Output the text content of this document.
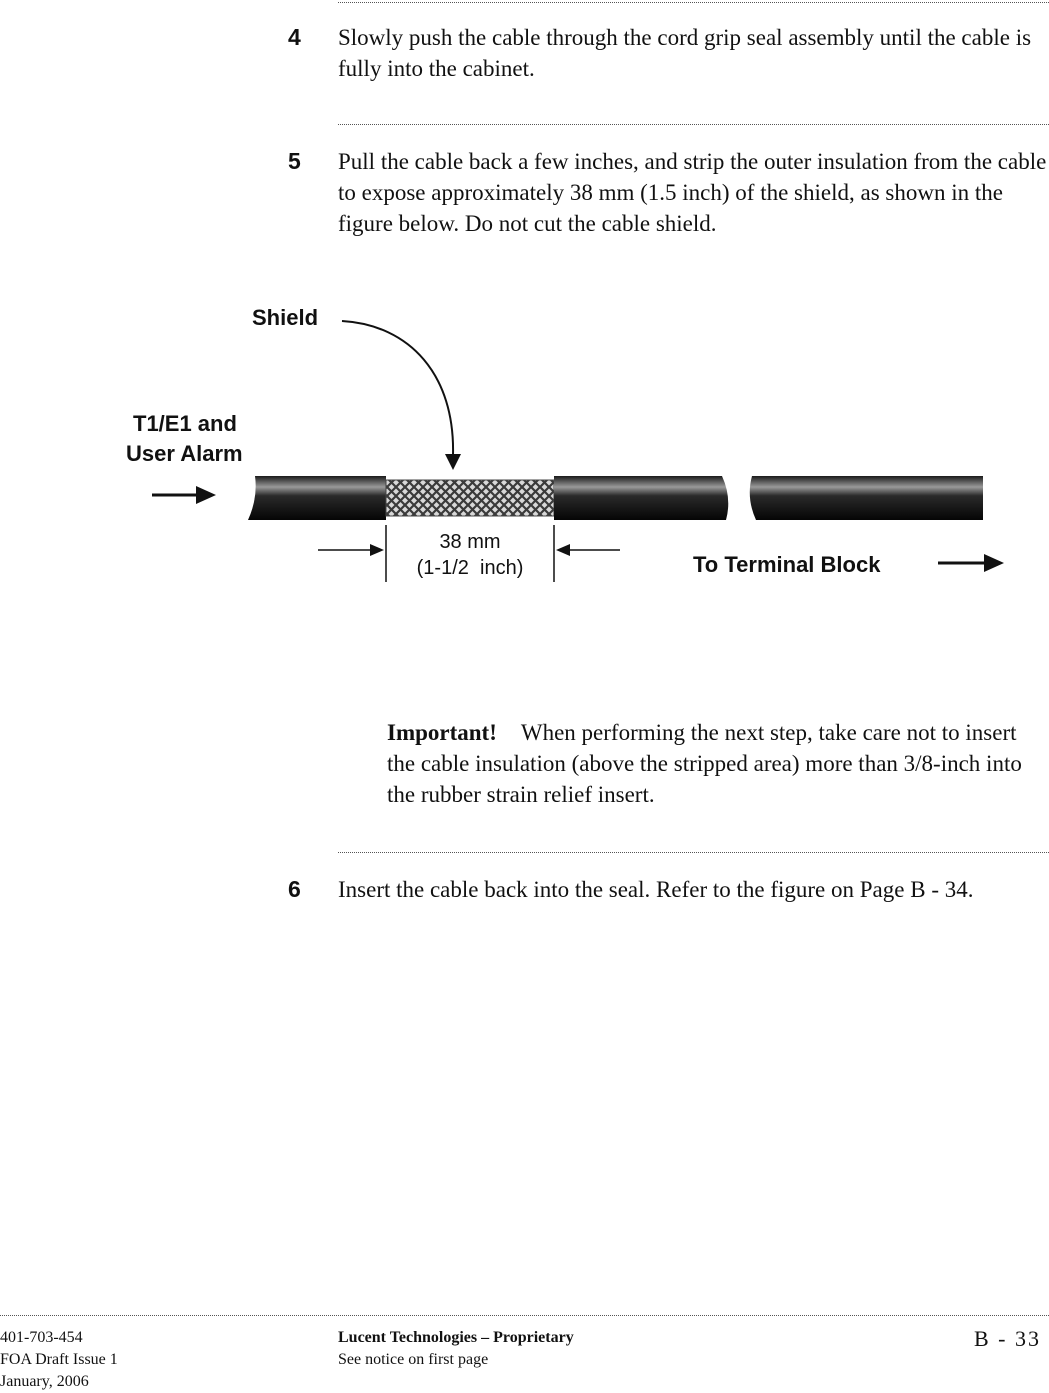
4 Slowly push the cable through the cord grip seal assembly until the cable is fully into the cabinet.
5 Pull the cable back a few inches, and strip the outer insulation from the cable to expose approximately 38 mm (1.5 inch) of the shield, as shown in the figure below. Do not cut the cable shield.
Shield
T1/E1 and
User Alarm
38 mm
(1-1/2  inch)	To Terminal Block
Important! When performing the next step, take care not to insert the cable insulation (above the stripped area) more than 3/8-inch into the rubber strain relief insert.
6 Insert the cable back into the seal. Refer to the figure on Page B - 34.
401-703-454
FOA Draft Issue 1
January, 2006
Lucent Technologies – Proprietary
See notice on first page
B - 33
